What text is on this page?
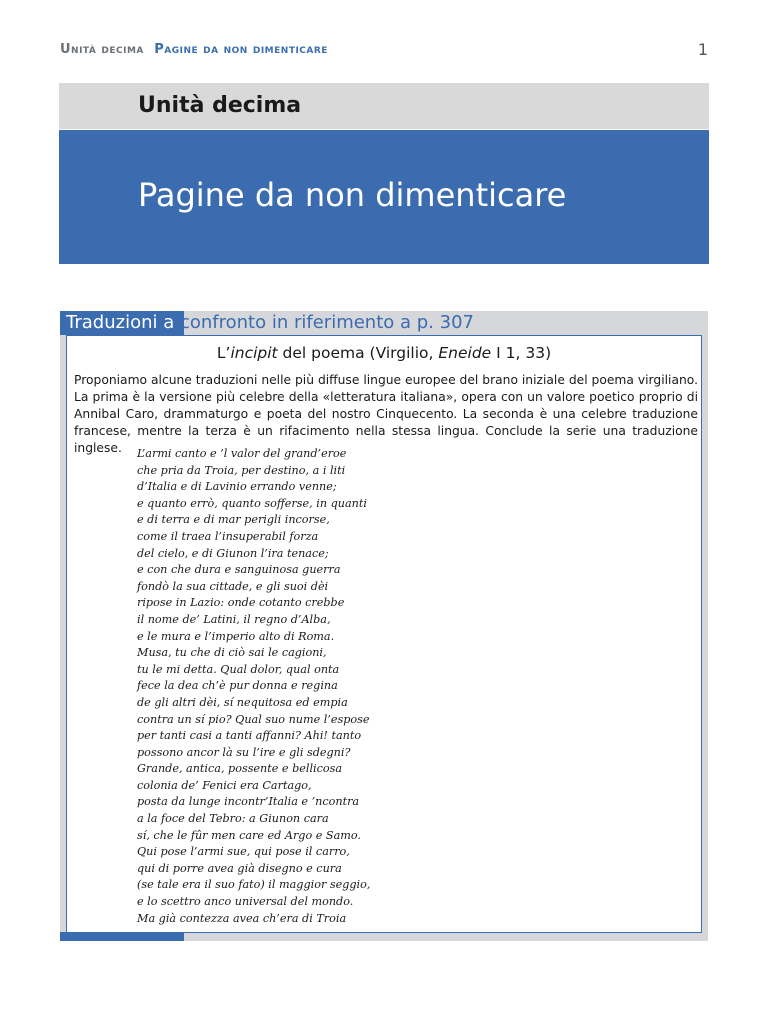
Unità decima Pagine da non dimenticare	1
Unità decima
Pagine da non dimenticare
Traduzioni a confronto in riferimento a p. 307
L’incipit del poema (Virgilio, Eneide I 1, 33)
Proponiamo alcune traduzioni nelle più diffuse lingue europee del brano iniziale del poema virgiliano. La prima è la versione più celebre della «letteratura italiana», opera con un valore poetico proprio di Annibal Caro, drammaturgo e poeta del nostro Cinquecento. La seconda è una celebre traduzione francese, mentre la terza è un rifacimento nella stessa lingua. Conclude la serie una traduzione inglese.	L’armi canto e ’l valor del grand’eroe
che pria da Troia, per destino, a i liti
d’Italia e di Lavinio errando venne;
e quanto errò, quanto sofferse, in quanti
e di terra e di mar perigli incorse,
come il traea l’insuperabil forza
del cielo, e di Giunon l’ira tenace;
e con che dura e sanguinosa guerra
fondò la sua cittade, e gli suoi dèi
ripose in Lazio: onde cotanto crebbe
il nome de’ Latini, il regno d’Alba,
e le mura e l’imperio alto di Roma.
Musa, tu che di ciò sai le cagioni,
tu le mi detta. Qual dolor, qual onta
fece la dea ch’è pur donna e regina
de gli altri dèi, sí nequitosa ed empia
contra un sí pio? Qual suo nume l’espose
per tanti casi a tanti affanni? Ahi! tanto
possono ancor là su l’ire e gli sdegni?
Grande, antica, possente e bellicosa
colonia de’ Fenici era Cartago,
posta da lunge incontr’Italia e ’ncontra
a la foce del Tebro: a Giunon cara
sí, che le fûr men care ed Argo e Samo.
Qui pose l’armi sue, qui pose il carro,
qui di porre avea già disegno e cura
(se tale era il suo fato) il maggior seggio,
e lo scettro anco universal del mondo.
Ma già contezza avea ch’era di Troia
